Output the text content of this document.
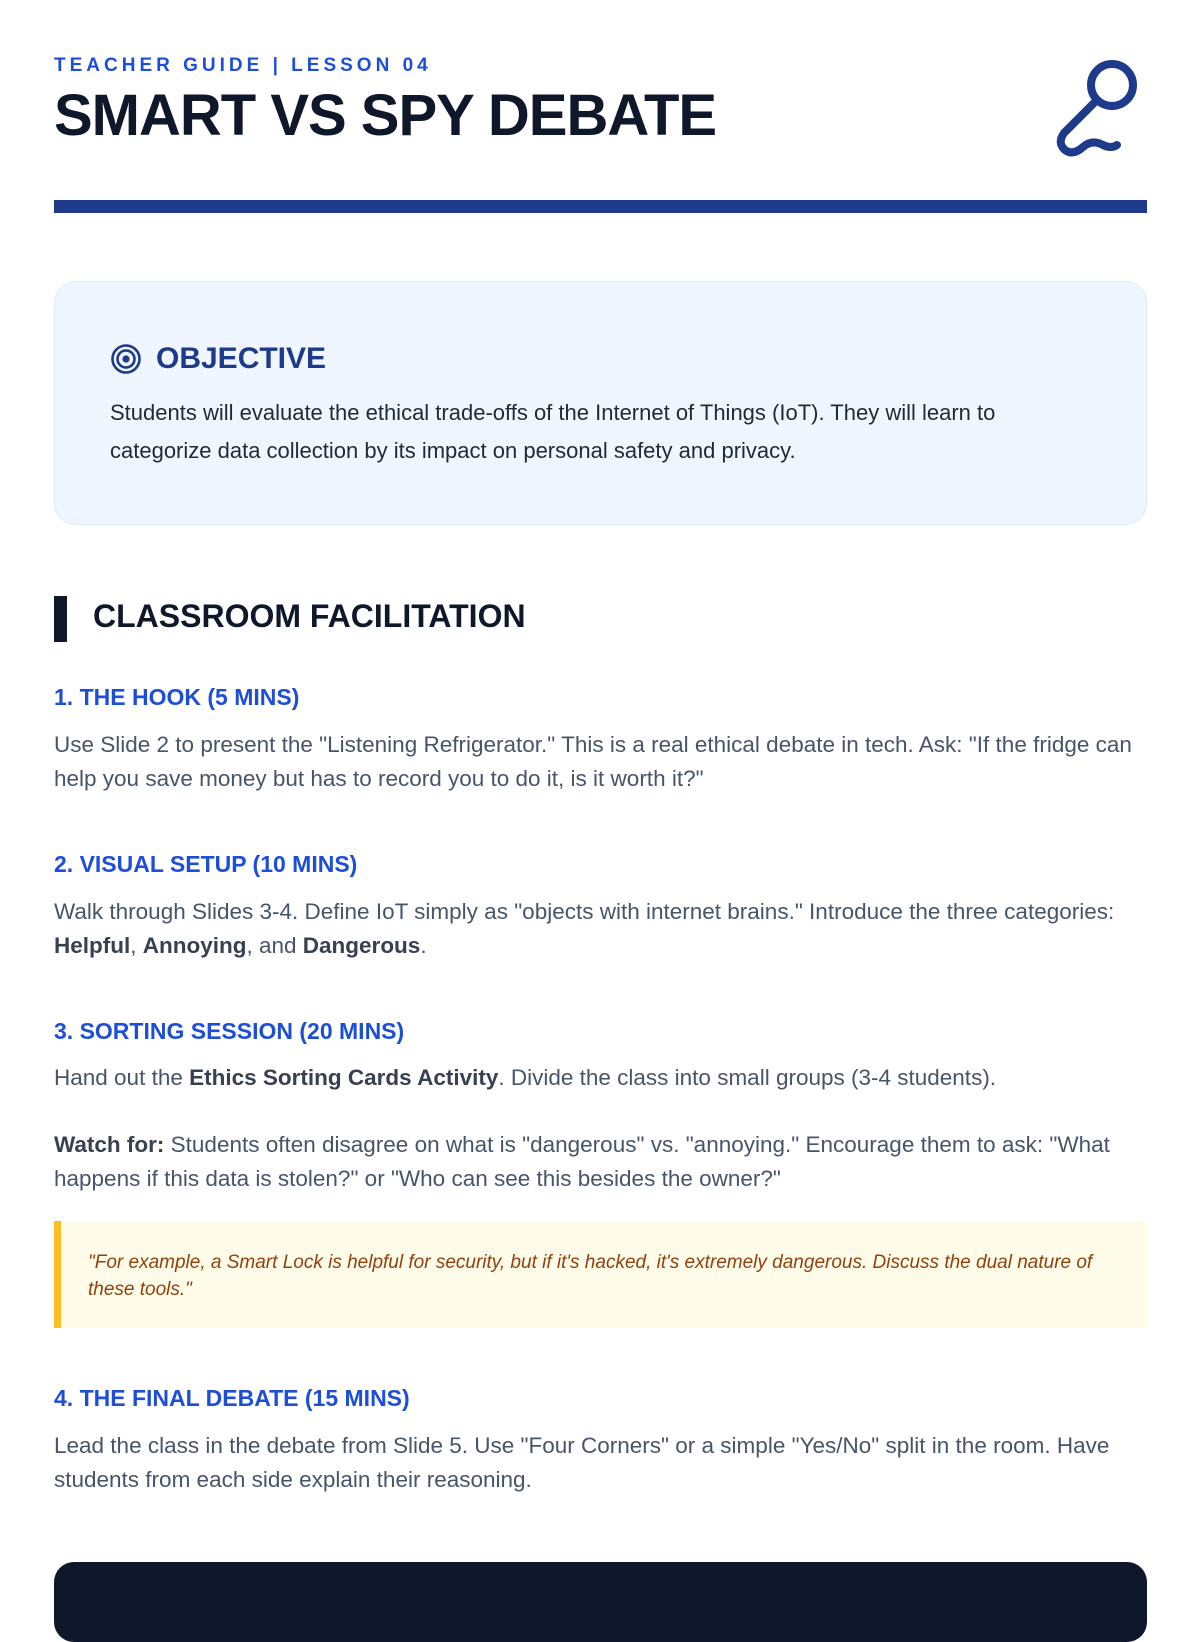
TEACHER GUIDE | LESSON 04
SMART VS SPY DEBATE
OBJECTIVE

Students will evaluate the ethical trade-offs of the Internet of Things (IoT). They will learn to categorize data collection by its impact on personal safety and privacy.

CLASSROOM FACILITATION
1. THE HOOK (5 MINS)

Use Slide 2 to present the "Listening Refrigerator." This is a real ethical debate in tech. Ask: "If the fridge can help you save money but has to record you to do it, is it worth it?"

2. VISUAL SETUP (10 MINS)

Walk through Slides 3-4. Define IoT simply as "objects with internet brains." Introduce the three categories: Helpful, Annoying, and Dangerous.

3. SORTING SESSION (20 MINS)

Hand out the Ethics Sorting Cards Activity. Divide the class into small groups (3-4 students).

Watch for: Students often disagree on what is "dangerous" vs. "annoying." Encourage them to ask: "What happens if this data is stolen?" or "Who can see this besides the owner?"

"For example, a Smart Lock is helpful for security, but if it's hacked, it's extremely dangerous. Discuss the dual nature of these tools."
4. THE FINAL DEBATE (15 MINS)

Lead the class in the debate from Slide 5. Use "Four Corners" or a simple "Yes/No" split in the room. Have students from each side explain their reasoning.
